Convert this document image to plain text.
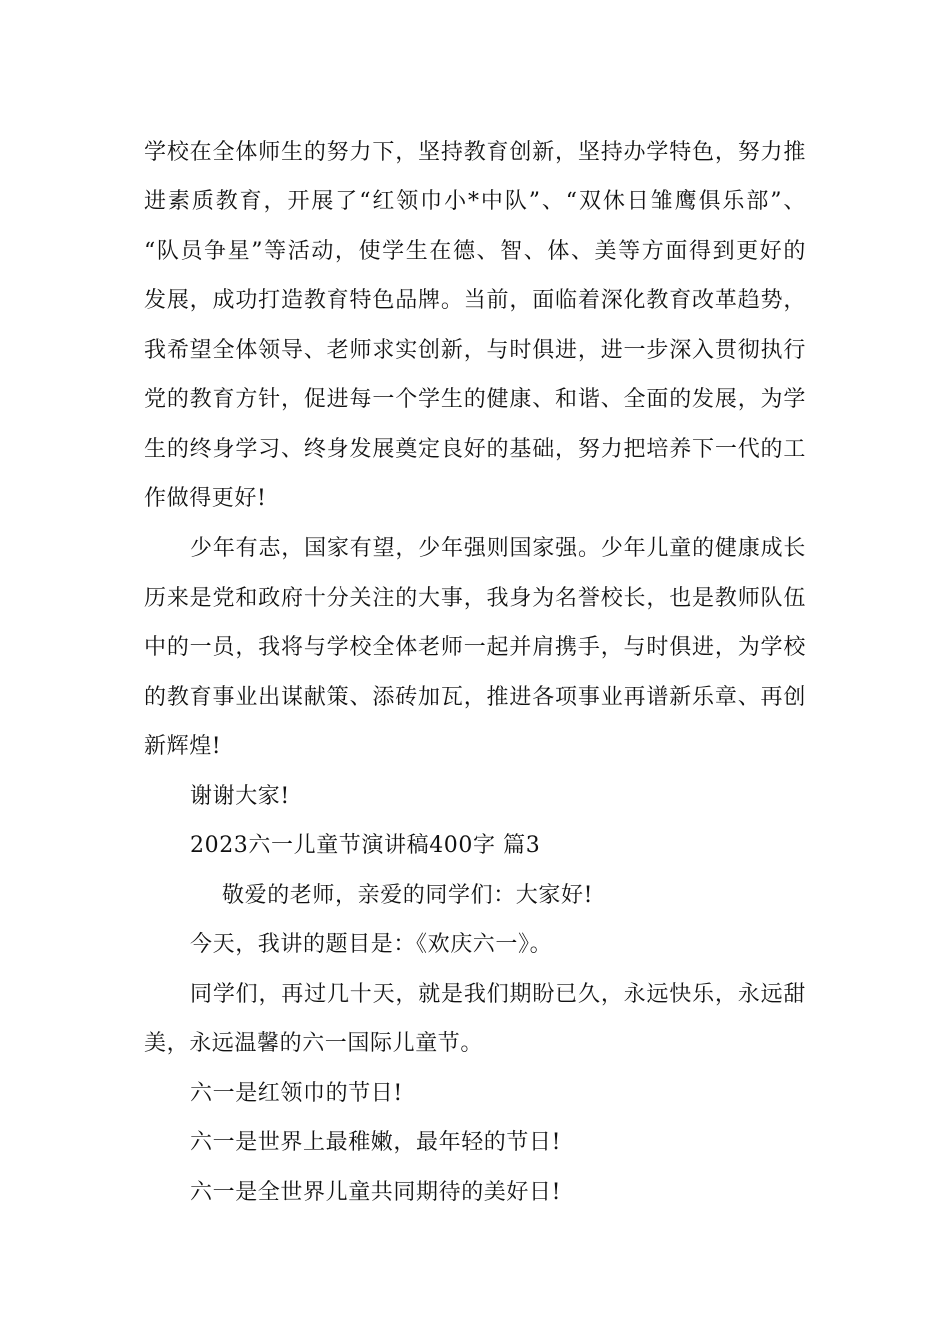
学校在全体师生的努力下，坚持教育创新，坚持办学特色，努力推
进素质教育，开展了“红领巾小*中队”、“双休日雏鹰俱乐部”、
“队员争星”等活动，使学生在德、智、体、美等方面得到更好的
发展，成功打造教育特色品牌。当前，面临着深化教育改革趋势，
我希望全体领导、老师求实创新，与时俱进，进一步深入贯彻执行
党的教育方针，促进每一个学生的健康、和谐、全面的发展，为学
生的终身学习、终身发展奠定良好的基础，努力把培养下一代的工
作做得更好!
少年有志，国家有望，少年强则国家强。少年儿童的健康成长
历来是党和政府十分关注的大事，我身为名誉校长，也是教师队伍
中的一员，我将与学校全体老师一起并肩携手，与时俱进，为学校
的教育事业出谋献策、添砖加瓦，推进各项事业再谱新乐章、再创
新辉煌!
谢谢大家!
2023六一儿童节演讲稿400字 篇3
敬爱的老师，亲爱的同学们：大家好!
今天，我讲的题目是：《欢庆六一》。
同学们，再过几十天，就是我们期盼已久，永远快乐，永远甜
美，永远温馨的六一国际儿童节。
六一是红领巾的节日!
六一是世界上最稚嫩，最年轻的节日!
六一是全世界儿童共同期待的美好日!
